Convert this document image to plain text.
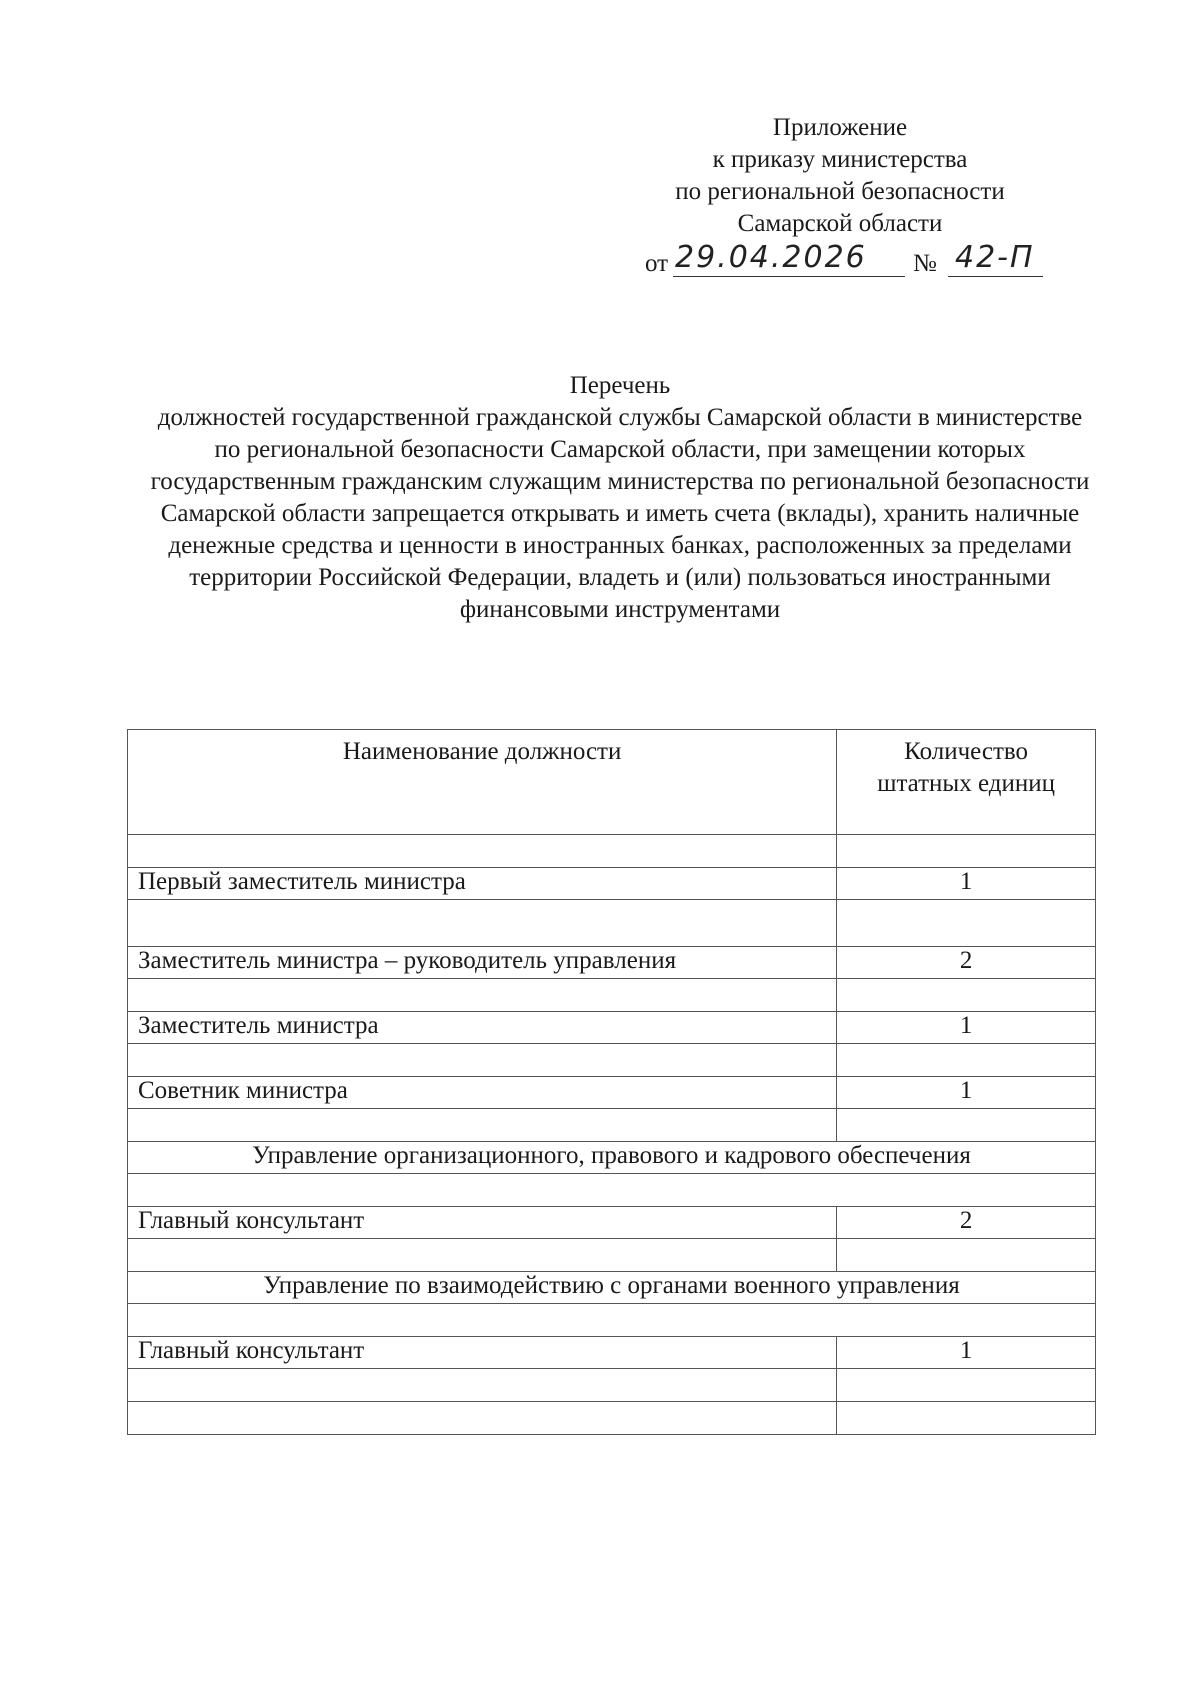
Приложение
к приказу министерства
по региональной безопасности
Самарской области
от 29.04.2026 № 42-П
Перечень
должностей государственной гражданской службы Самарской области в министерстве по региональной безопасности Самарской области, при замещении которых государственным гражданским служащим министерства по региональной безопасности Самарской области запрещается открывать и иметь счета (вклады), хранить наличные денежные средства и ценности в иностранных банках, расположенных за пределами территории Российской Федерации, владеть и (или) пользоваться иностранными финансовыми инструментами
Наименование должности	Количество штатных единиц

Первый заместитель министра	1

Заместитель министра – руководитель управления	2

Заместитель министра	1

Советник министра	1

Управление организационного, правового и кадрового обеспечения	

Главный консультант	2

Управление по взаимодействию с органами военного управления	

Главный консультант	1
